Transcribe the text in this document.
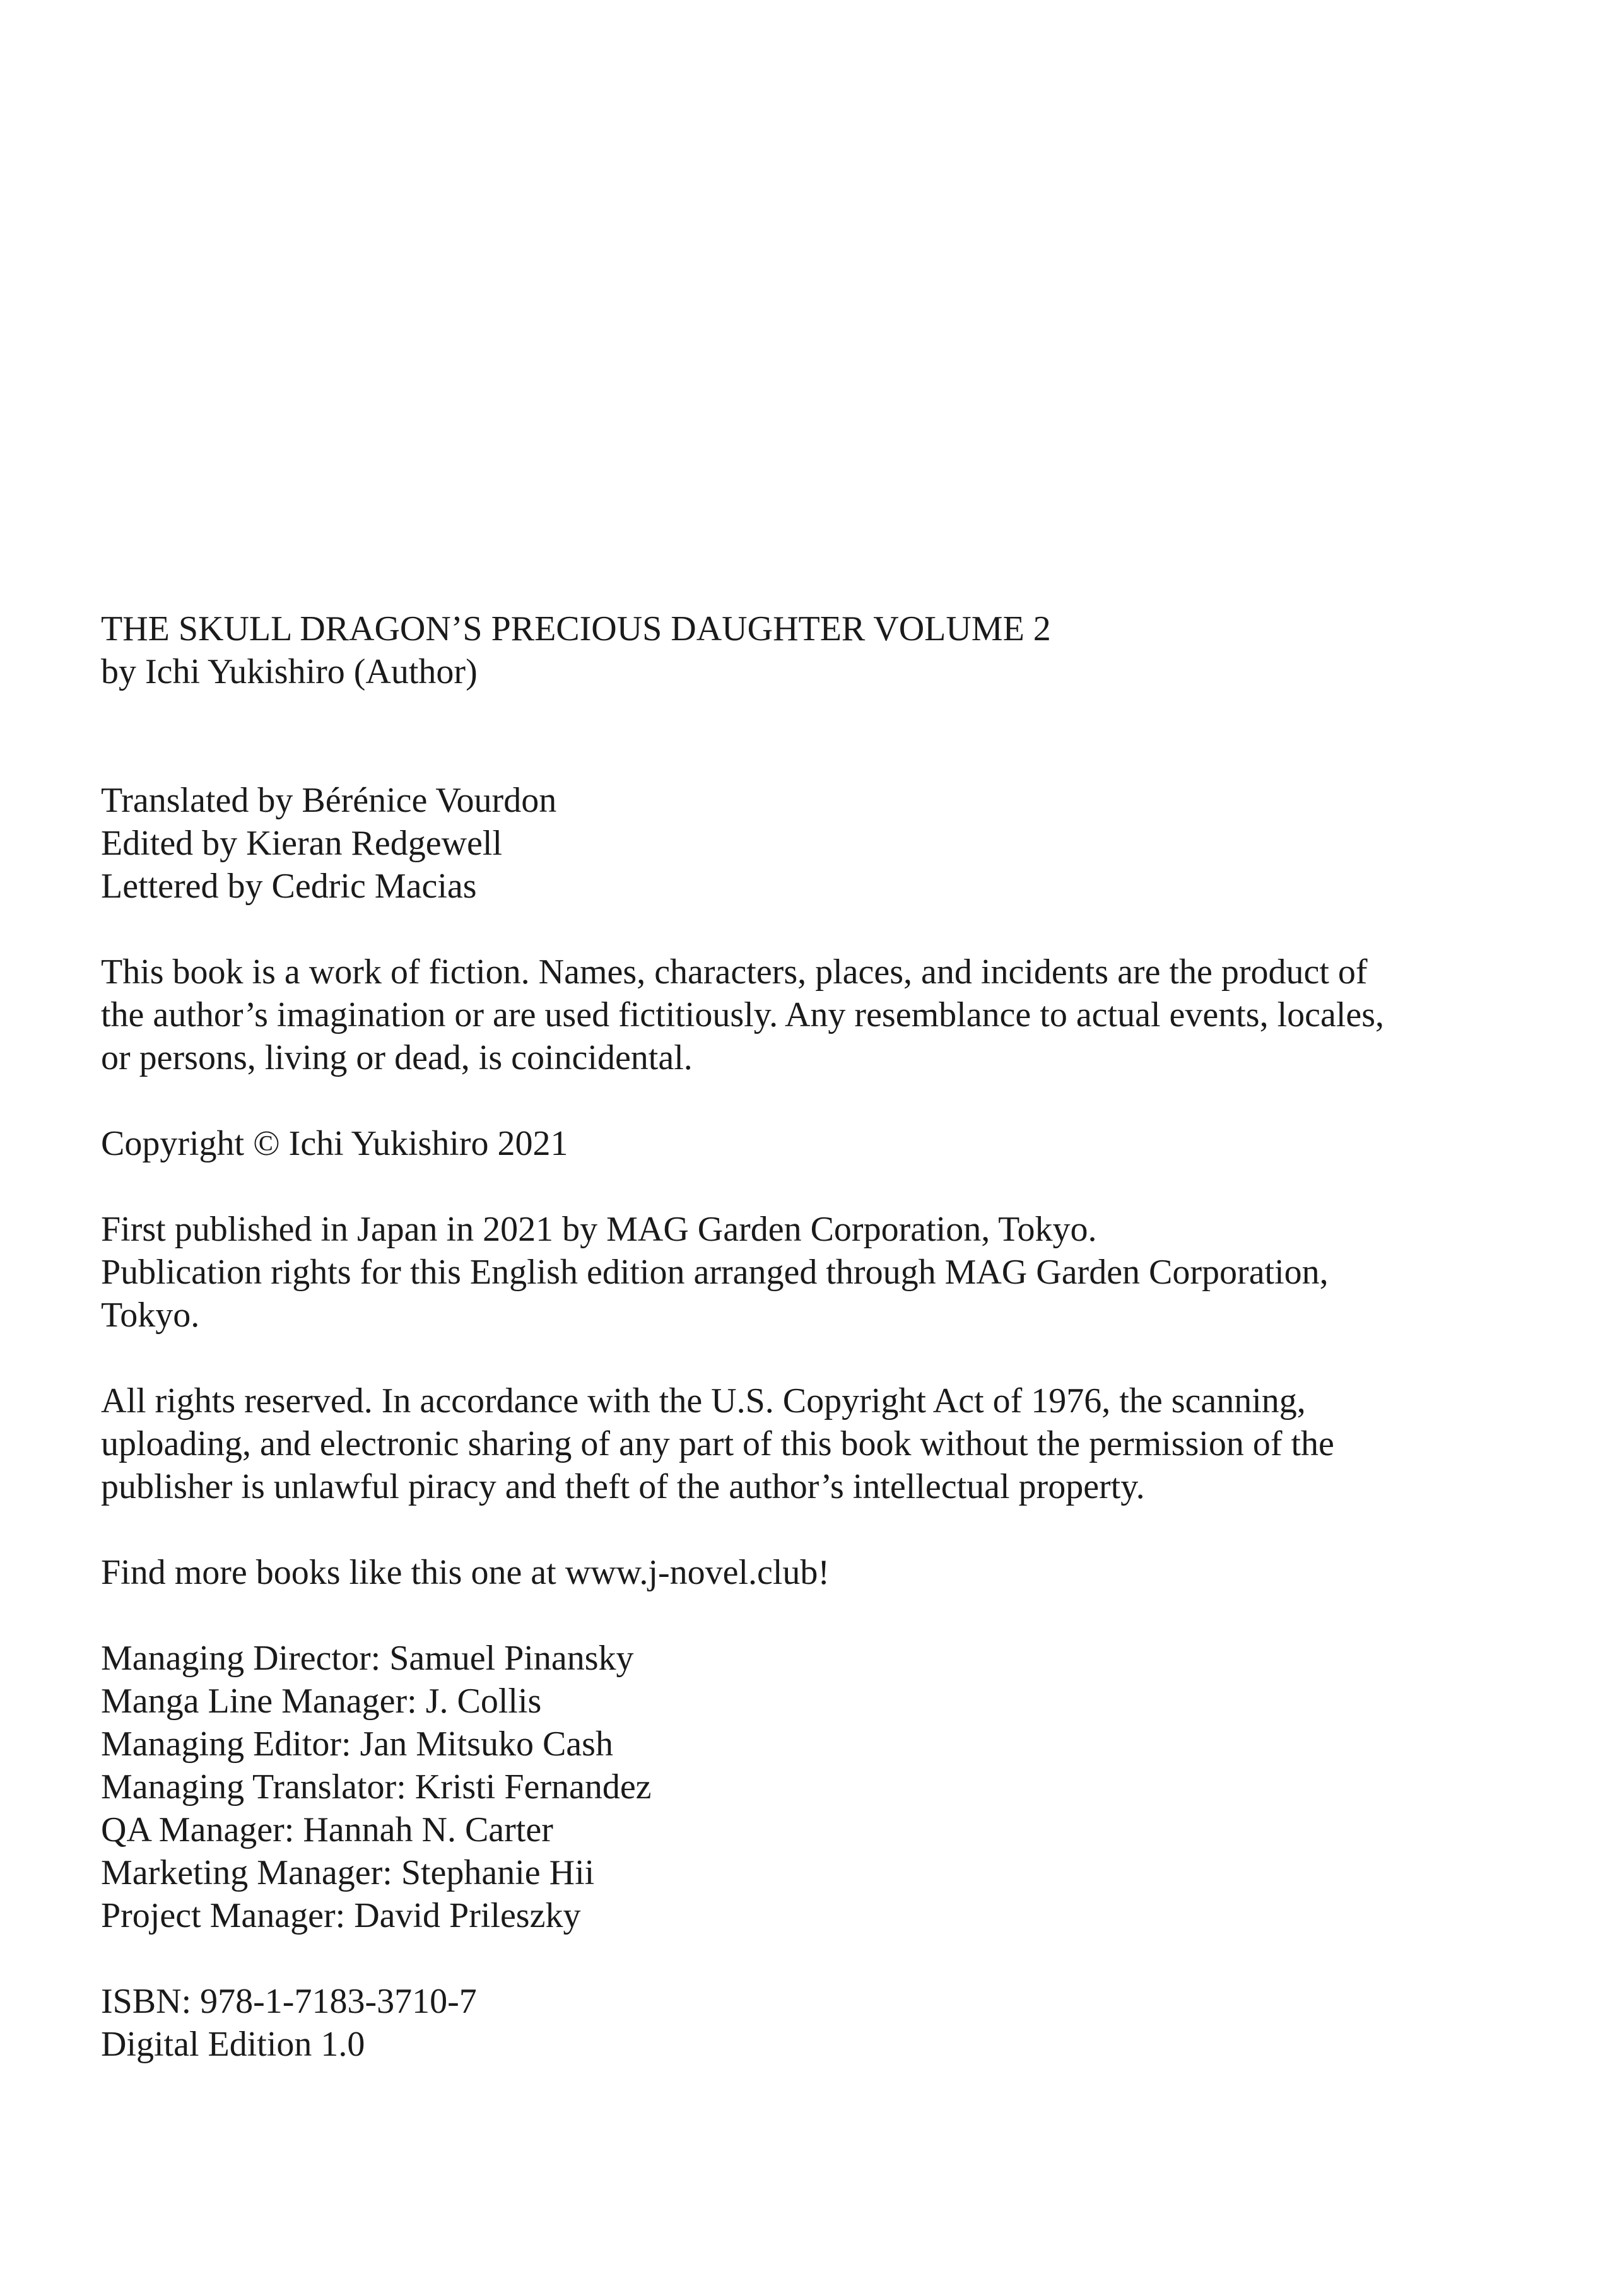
THE SKULL DRAGON’S PRECIOUS DAUGHTER VOLUME 2
by Ichi Yukishiro (Author)
Translated by Bérénice Vourdon
Edited by Kieran Redgewell
Lettered by Cedric Macias
This book is a work of fiction. Names, characters, places, and incidents are the product of
the author’s imagination or are used fictitiously. Any resemblance to actual events, locales,
or persons, living or dead, is coincidental.
Copyright © Ichi Yukishiro 2021
First published in Japan in 2021 by MAG Garden Corporation, Tokyo.
Publication rights for this English edition arranged through MAG Garden Corporation,
Tokyo.
All rights reserved. In accordance with the U.S. Copyright Act of 1976, the scanning,
uploading, and electronic sharing of any part of this book without the permission of the
publisher is unlawful piracy and theft of the author’s intellectual property.
Find more books like this one at www.j-novel.club!
Managing Director: Samuel Pinansky
Manga Line Manager: J. Collis
Managing Editor: Jan Mitsuko Cash
Managing Translator: Kristi Fernandez
QA Manager: Hannah N. Carter
Marketing Manager: Stephanie Hii
Project Manager: David Prileszky
ISBN: 978-1-7183-3710-7
Digital Edition 1.0
